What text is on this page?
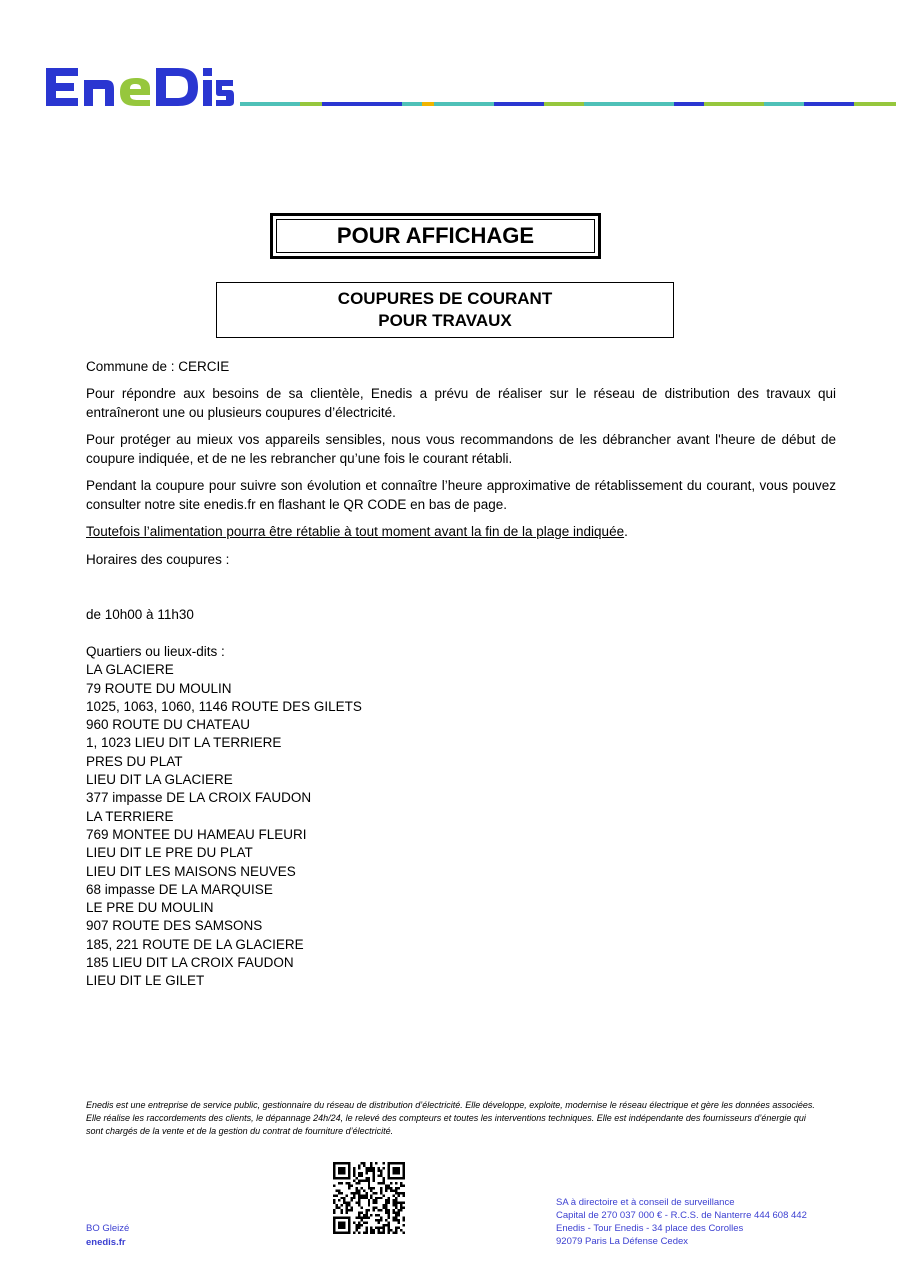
POUR AFFICHAGE
COUPURES DE COURANT
POUR TRAVAUX

Commune de : CERCIE

Pour répondre aux besoins de sa clientèle, Enedis a prévu de réaliser sur le réseau de distribution des travaux qui entraîneront une ou plusieurs coupures d’électricité.

Pour protéger au mieux vos appareils sensibles, nous vous recommandons de les débrancher avant l'heure de début de coupure indiquée, et de ne les rebrancher qu’une fois le courant rétabli.

Pendant la coupure pour suivre son évolution et connaître l’heure approximative de rétablissement du courant, vous pouvez consulter notre site enedis.fr en flashant le QR CODE en bas de page.

Toutefois l’alimentation pourra être rétablie à tout moment avant la fin de la plage indiquée.

Horaires des coupures :

de 10h00 à 11h30

Quartiers ou lieux-dits :
LA GLACIERE
79 ROUTE DU MOULIN
1025, 1063, 1060, 1146 ROUTE DES GILETS
960 ROUTE DU CHATEAU
1, 1023 LIEU DIT LA TERRIERE
PRES DU PLAT
LIEU DIT LA GLACIERE
377 impasse DE LA CROIX FAUDON
LA TERRIERE
769 MONTEE DU HAMEAU FLEURI
LIEU DIT LE PRE DU PLAT
LIEU DIT LES MAISONS NEUVES
68 impasse DE LA MARQUISE
LE PRE DU MOULIN
907 ROUTE DES SAMSONS
185, 221 ROUTE DE LA GLACIERE
185 LIEU DIT LA CROIX FAUDON
LIEU DIT LE GILET
Enedis est une entreprise de service public, gestionnaire du réseau de distribution d’électricité. Elle développe, exploite, modernise le réseau électrique et gère les données associées. Elle réalise les raccordements des clients, le dépannage 24h/24, le relevé des compteurs et toutes les interventions techniques. Elle est indépendante des fournisseurs d’énergie qui sont chargés de la vente et de la gestion du contrat de fourniture d’électricité.
BO Gleizé
enedis.fr
SA à directoire et à conseil de surveillance
Capital de 270 037 000 € - R.C.S. de Nanterre 444 608 442
Enedis - Tour Enedis - 34 place des Corolles
92079 Paris La Défense Cedex
